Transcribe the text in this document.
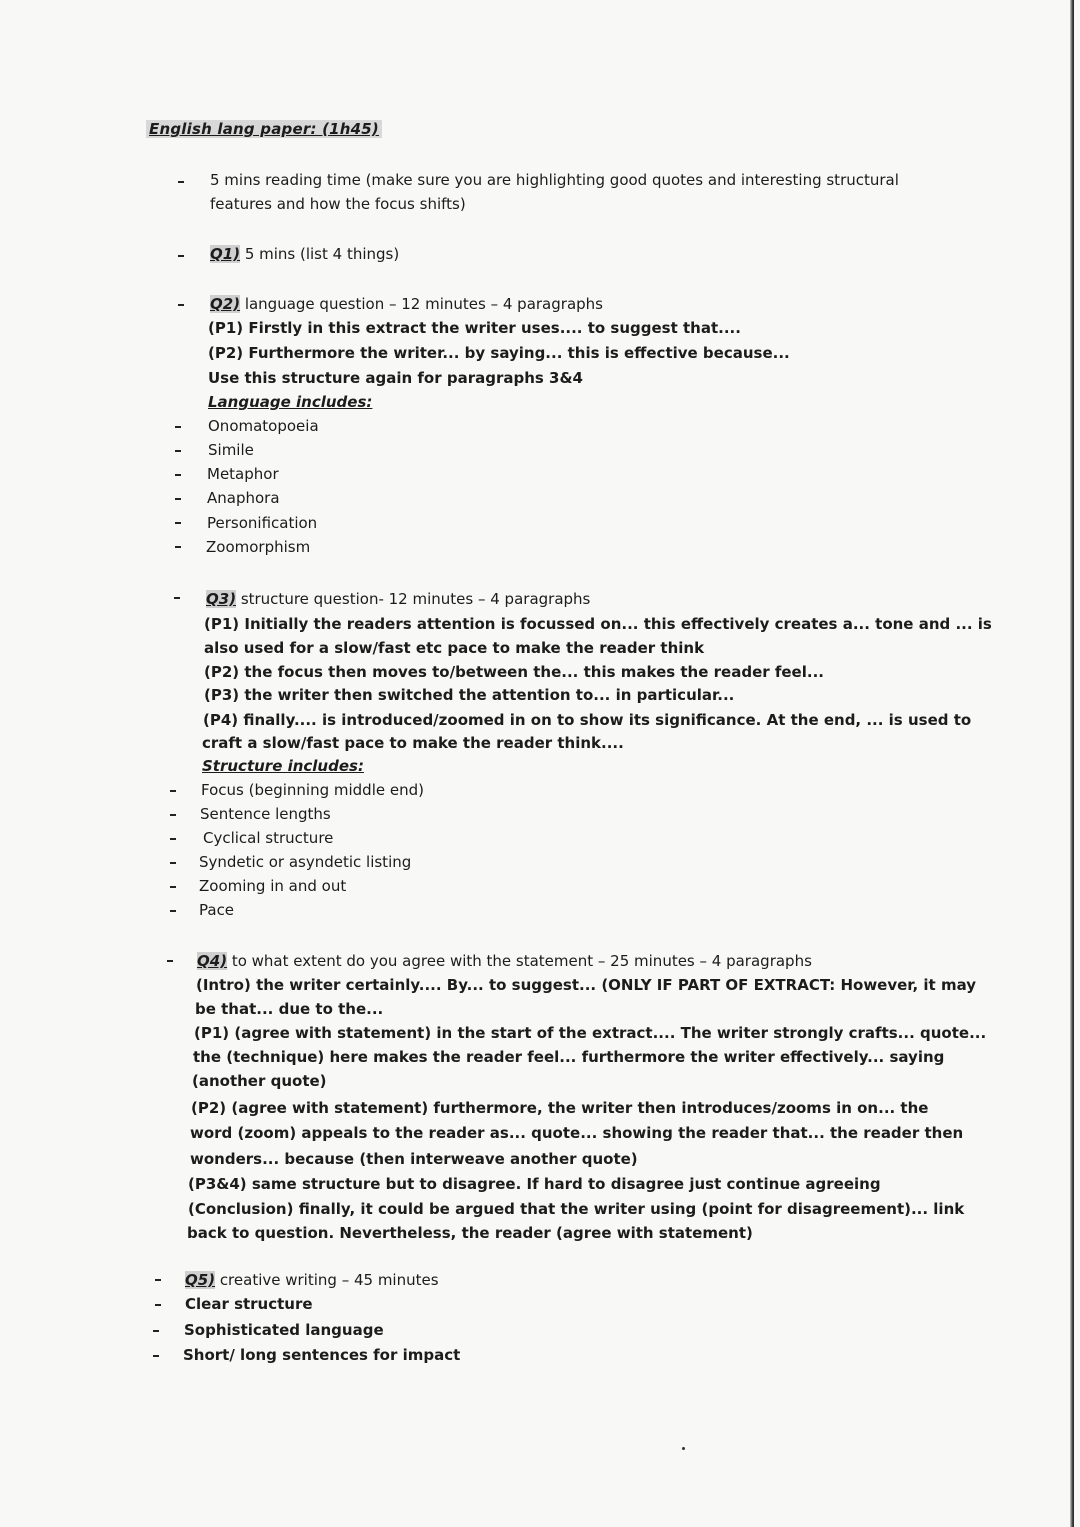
English lang paper: (1h45)
5 mins reading time (make sure you are highlighting good quotes and interesting structural
features and how the focus shifts)
Q1) 5 mins (list 4 things)
Q2) language question – 12 minutes – 4 paragraphs
(P1) Firstly in this extract the writer uses.... to suggest that....
(P2) Furthermore the writer... by saying... this is effective because...
Use this structure again for paragraphs 3&4
Language includes:
Onomatopoeia
Simile
Metaphor
Anaphora
Personification
Zoomorphism
Q3) structure question- 12 minutes – 4 paragraphs
(P1) Initially the readers attention is focussed on... this effectively creates a... tone and ... is
also used for a slow/fast etc pace to make the reader think
(P2) the focus then moves to/between the... this makes the reader feel...
(P3) the writer then switched the attention to... in particular...
(P4) finally.... is introduced/zoomed in on to show its significance. At the end, ... is used to
craft a slow/fast pace to make the reader think....
Structure includes:
Focus (beginning middle end)
Sentence lengths
Cyclical structure
Syndetic or asyndetic listing
Zooming in and out
Pace
Q4) to what extent do you agree with the statement – 25 minutes – 4 paragraphs
(Intro) the writer certainly.... By... to suggest... (ONLY IF PART OF EXTRACT: However, it may
be that... due to the...
(P1) (agree with statement) in the start of the extract.... The writer strongly crafts... quote...
the (technique) here makes the reader feel... furthermore the writer effectively... saying
(another quote)
(P2) (agree with statement) furthermore, the writer then introduces/zooms in on... the
word (zoom) appeals to the reader as... quote... showing the reader that... the reader then
wonders... because (then interweave another quote)
(P3&4) same structure but to disagree. If hard to disagree just continue agreeing
(Conclusion) finally, it could be argued that the writer using (point for disagreement)... link
back to question. Nevertheless, the reader (agree with statement)
Q5) creative writing – 45 minutes
Clear structure
Sophisticated language
Short/ long sentences for impact
